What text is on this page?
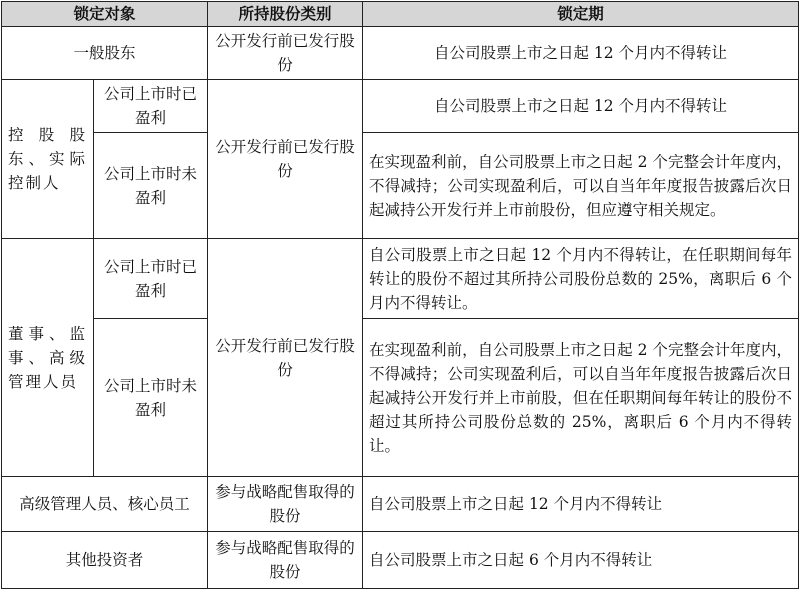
锁定对象		所持股份类别	锁定期
一般股东		公开发行前已发行股份	自公司股票上市之日起 12 个月内不得转让
控股股东、实际控制人	公司上市时已盈利	公开发行前已发行股份	自公司股票上市之日起 12 个月内不得转让
	公司上市时未盈利		在实现盈利前，自公司股票上市之日起 2 个完整会计年度内，不得减持；公司实现盈利后，可以自当年年度报告披露后次日起减持公开发行并上市前股份，但应遵守相关规定。
董事、监事、高级管理人员	公司上市时已盈利	公开发行前已发行股份	自公司股票上市之日起 12 个月内不得转让，在任职期间每年转让的股份不超过其所持公司股份总数的 25%，离职后 6 个月内不得转让。
	公司上市时未盈利		在实现盈利前，自公司股票上市之日起 2 个完整会计年度内，不得减持；公司实现盈利后，可以自当年年度报告披露后次日起减持公开发行并上市前股，但在任职期间每年转让的股份不超过其所持公司股份总数的 25%，离职后 6 个月内不得转让。
高级管理人员、核心员工		参与战略配售取得的股份	自公司股票上市之日起 12 个月内不得转让
其他投资者		参与战略配售取得的股份	自公司股票上市之日起 6 个月内不得转让
